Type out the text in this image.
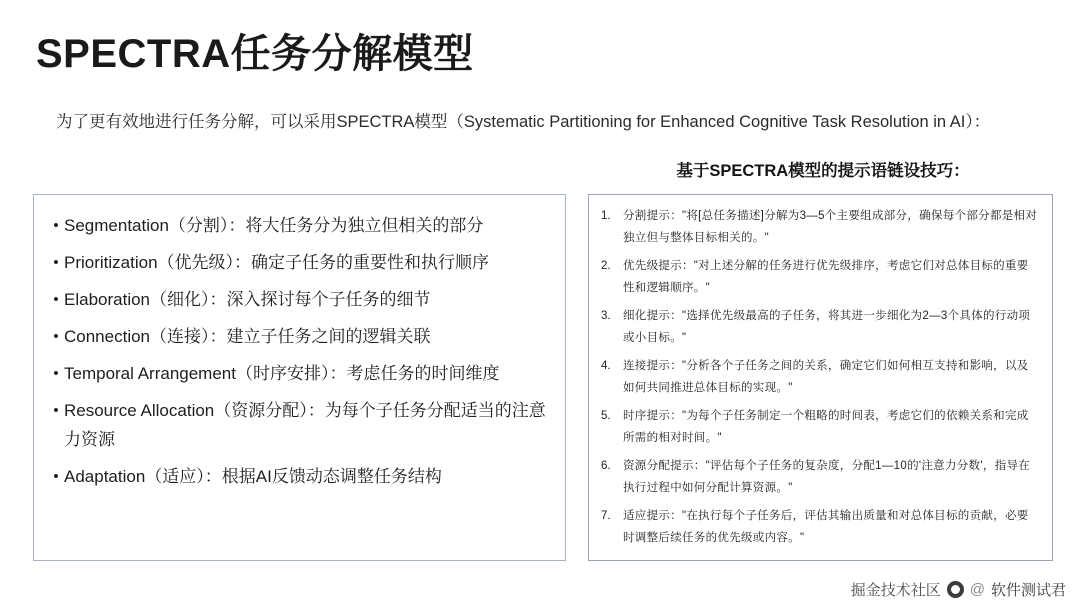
SPECTRA任务分解模型
为了更有效地进行任务分解，可以采用SPECTRA模型（Systematic Partitioning for Enhanced Cognitive Task Resolution in AI）：
• Segmentation（分割）：将大任务分为独立但相关的部分
• Prioritization（优先级）：确定子任务的重要性和执行顺序
• Elaboration（细化）：深入探讨每个子任务的细节
• Connection（连接）：建立子任务之间的逻辑关联
• Temporal Arrangement（时序安排）：考虑任务的时间维度
• Resource Allocation（资源分配）：为每个子任务分配适当的注意力资源
• Adaptation（适应）：根据AI反馈动态调整任务结构
基于SPECTRA模型的提示语链设技巧：
1.	分割提示："将[总任务描述]分解为3—5个主要组成部分，确保每个部分都是相对独立但与整体目标相关的。"
2.	优先级提示："对上述分解的任务进行优先级排序，考虑它们对总体目标的重要性和逻辑顺序。"
3.	细化提示："选择优先级最高的子任务，将其进一步细化为2—3个具体的行动项或小目标。"
4.	连接提示："分析各个子任务之间的关系，确定它们如何相互支持和影响，以及如何共同推进总体目标的实现。"
5.	时序提示："为每个子任务制定一个粗略的时间表，考虑它们的依赖关系和完成所需的相对时间。"
6.	资源分配提示："评估每个子任务的复杂度，分配1—10的'注意力分数'，指导在执行过程中如何分配计算资源。"
7.	适应提示："在执行每个子任务后，评估其输出质量和对总体目标的贡献，必要时调整后续任务的优先级或内容。"
掘金技术社区 @ 软件测试君
